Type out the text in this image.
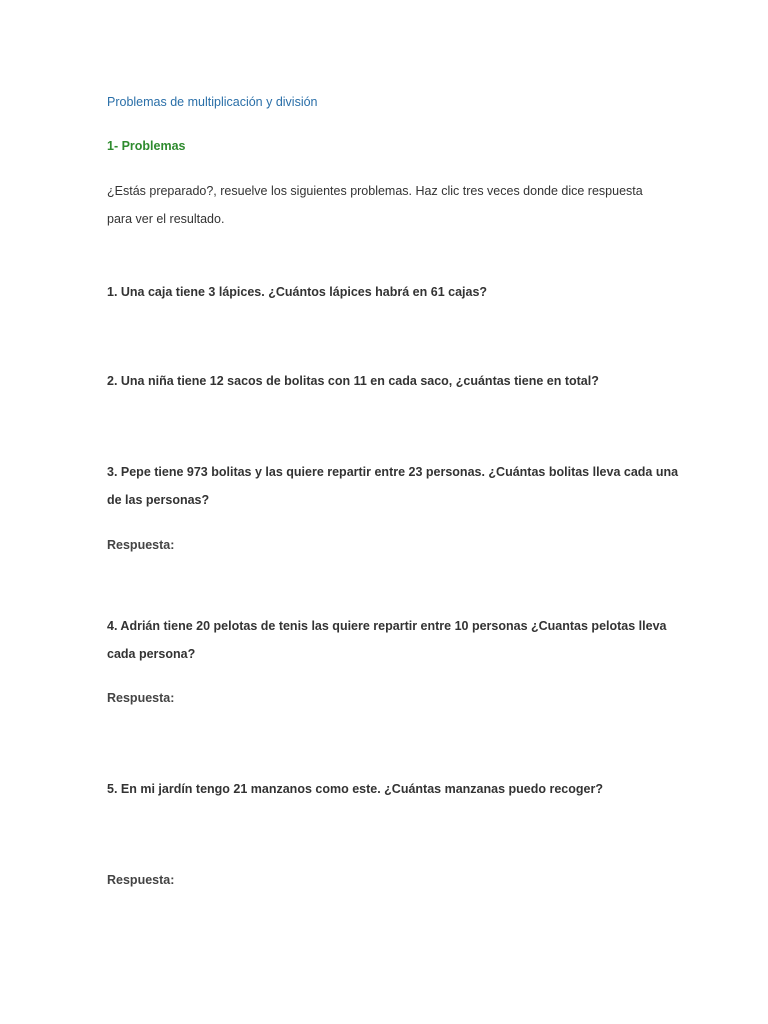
Problemas de multiplicación y división
1- Problemas
¿Estás preparado?, resuelve los siguientes problemas. Haz clic tres veces donde dice respuesta
para ver el resultado.
1. Una caja tiene 3 lápices. ¿Cuántos lápices habrá en 61 cajas?
2. Una niña tiene 12 sacos de bolitas con 11 en cada saco, ¿cuántas tiene en total?
3. Pepe tiene 973 bolitas y las quiere repartir entre 23 personas. ¿Cuántas bolitas lleva cada una
de las personas?
Respuesta:
4. Adrián tiene 20 pelotas de tenis las quiere repartir entre 10 personas ¿Cuantas pelotas lleva
cada persona?
Respuesta:
5. En mi jardín tengo 21 manzanos como este. ¿Cuántas manzanas puedo recoger?
Respuesta:
